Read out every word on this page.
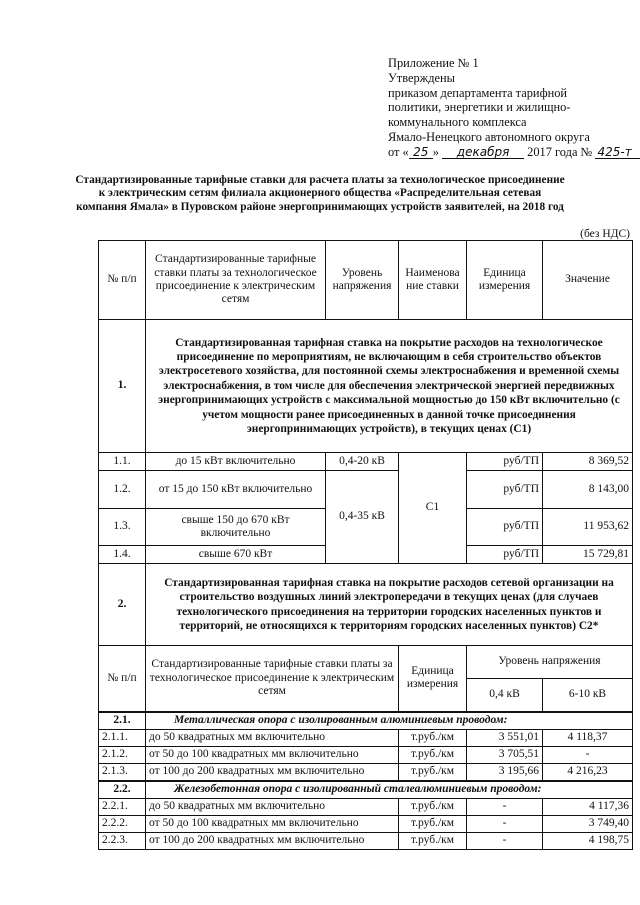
Приложение № 1
Утверждены
приказом департамента тарифной
политики, энергетики и жилищно-
коммунального комплекса
Ямало-Ненецкого автономного округа
от « 25 » декабря 2017 года № 425-т
Стандартизированные тарифные ставки для расчета платы за технологическое присоединение
к электрическим сетям филиала акционерного общества «Распределительная сетевая
компания Ямала» в Пуровском районе энергопринимающих устройств заявителей, на 2018 год
(без НДС)
№ п/п	Стандартизированные тарифные ставки платы за технологическое присоединение к электрическим сетям	Уровень напряжения	Наименова ние ставки	Единица измерения	Значение
1.	Стандартизированная тарифная ставка на покрытие расходов на технологическое присоединение по мероприятиям, не включающим в себя строительство объектов электросетевого хозяйства, для постоянной схемы электроснабжения и временной схемы электроснабжения, в том числе для обеспечения электрической энергией передвижных энергопринимающих устройств с максимальной мощностью до 150 кВт включительно (с учетом мощности ранее присоединенных в данной точке присоединения энергопринимающих устройств), в текущих ценах (С1)				
1.1.	до 15 кВт включительно	0,4-20 кВ	С1	руб/ТП	8 369,52
1.2.	от 15 до 150 кВт включительно	0,4-35 кВ		руб/ТП	8 143,00
1.3.	свыше 150 до 670 кВт включительно			руб/ТП	11 953,62
1.4.	свыше 670 кВт			руб/ТП	15 729,81
2.	Стандартизированная тарифная ставка на покрытие расходов сетевой организации на строительство воздушных линий электропередачи в текущих ценах (для случаев технологического присоединения на территории городских населенных пунктов и территорий, не относящихся к территориям городских населенных пунктов) С2*				
№ п/п	Стандартизированные тарифные ставки платы за технологическое присоединение к электрическим сетям		Единица измерения	Уровень напряжения	
				0,4 кВ	6-10 кВ
2.1.	Металлическая опора с изолированным алюминиевым проводом:				
2.1.1.	до 50 квадратных мм включительно		т.руб./км	3 551,01	4 118,37
2.1.2.	от 50 до 100 квадратных мм включительно		т.руб./км	3 705,51	-
2.1.3.	от 100 до 200 квадратных мм включительно		т.руб./км	3 195,66	4 216,23
2.2.	Железобетонная опора с изолированный сталеалюминиевым проводом:				
2.2.1.	до 50 квадратных мм включительно		т.руб./км	-	4 117,36
2.2.2.	от 50 до 100 квадратных мм включительно		т.руб./км	-	3 749,40
2.2.3.	от 100 до 200 квадратных мм включительно		т.руб./км	-	4 198,75
